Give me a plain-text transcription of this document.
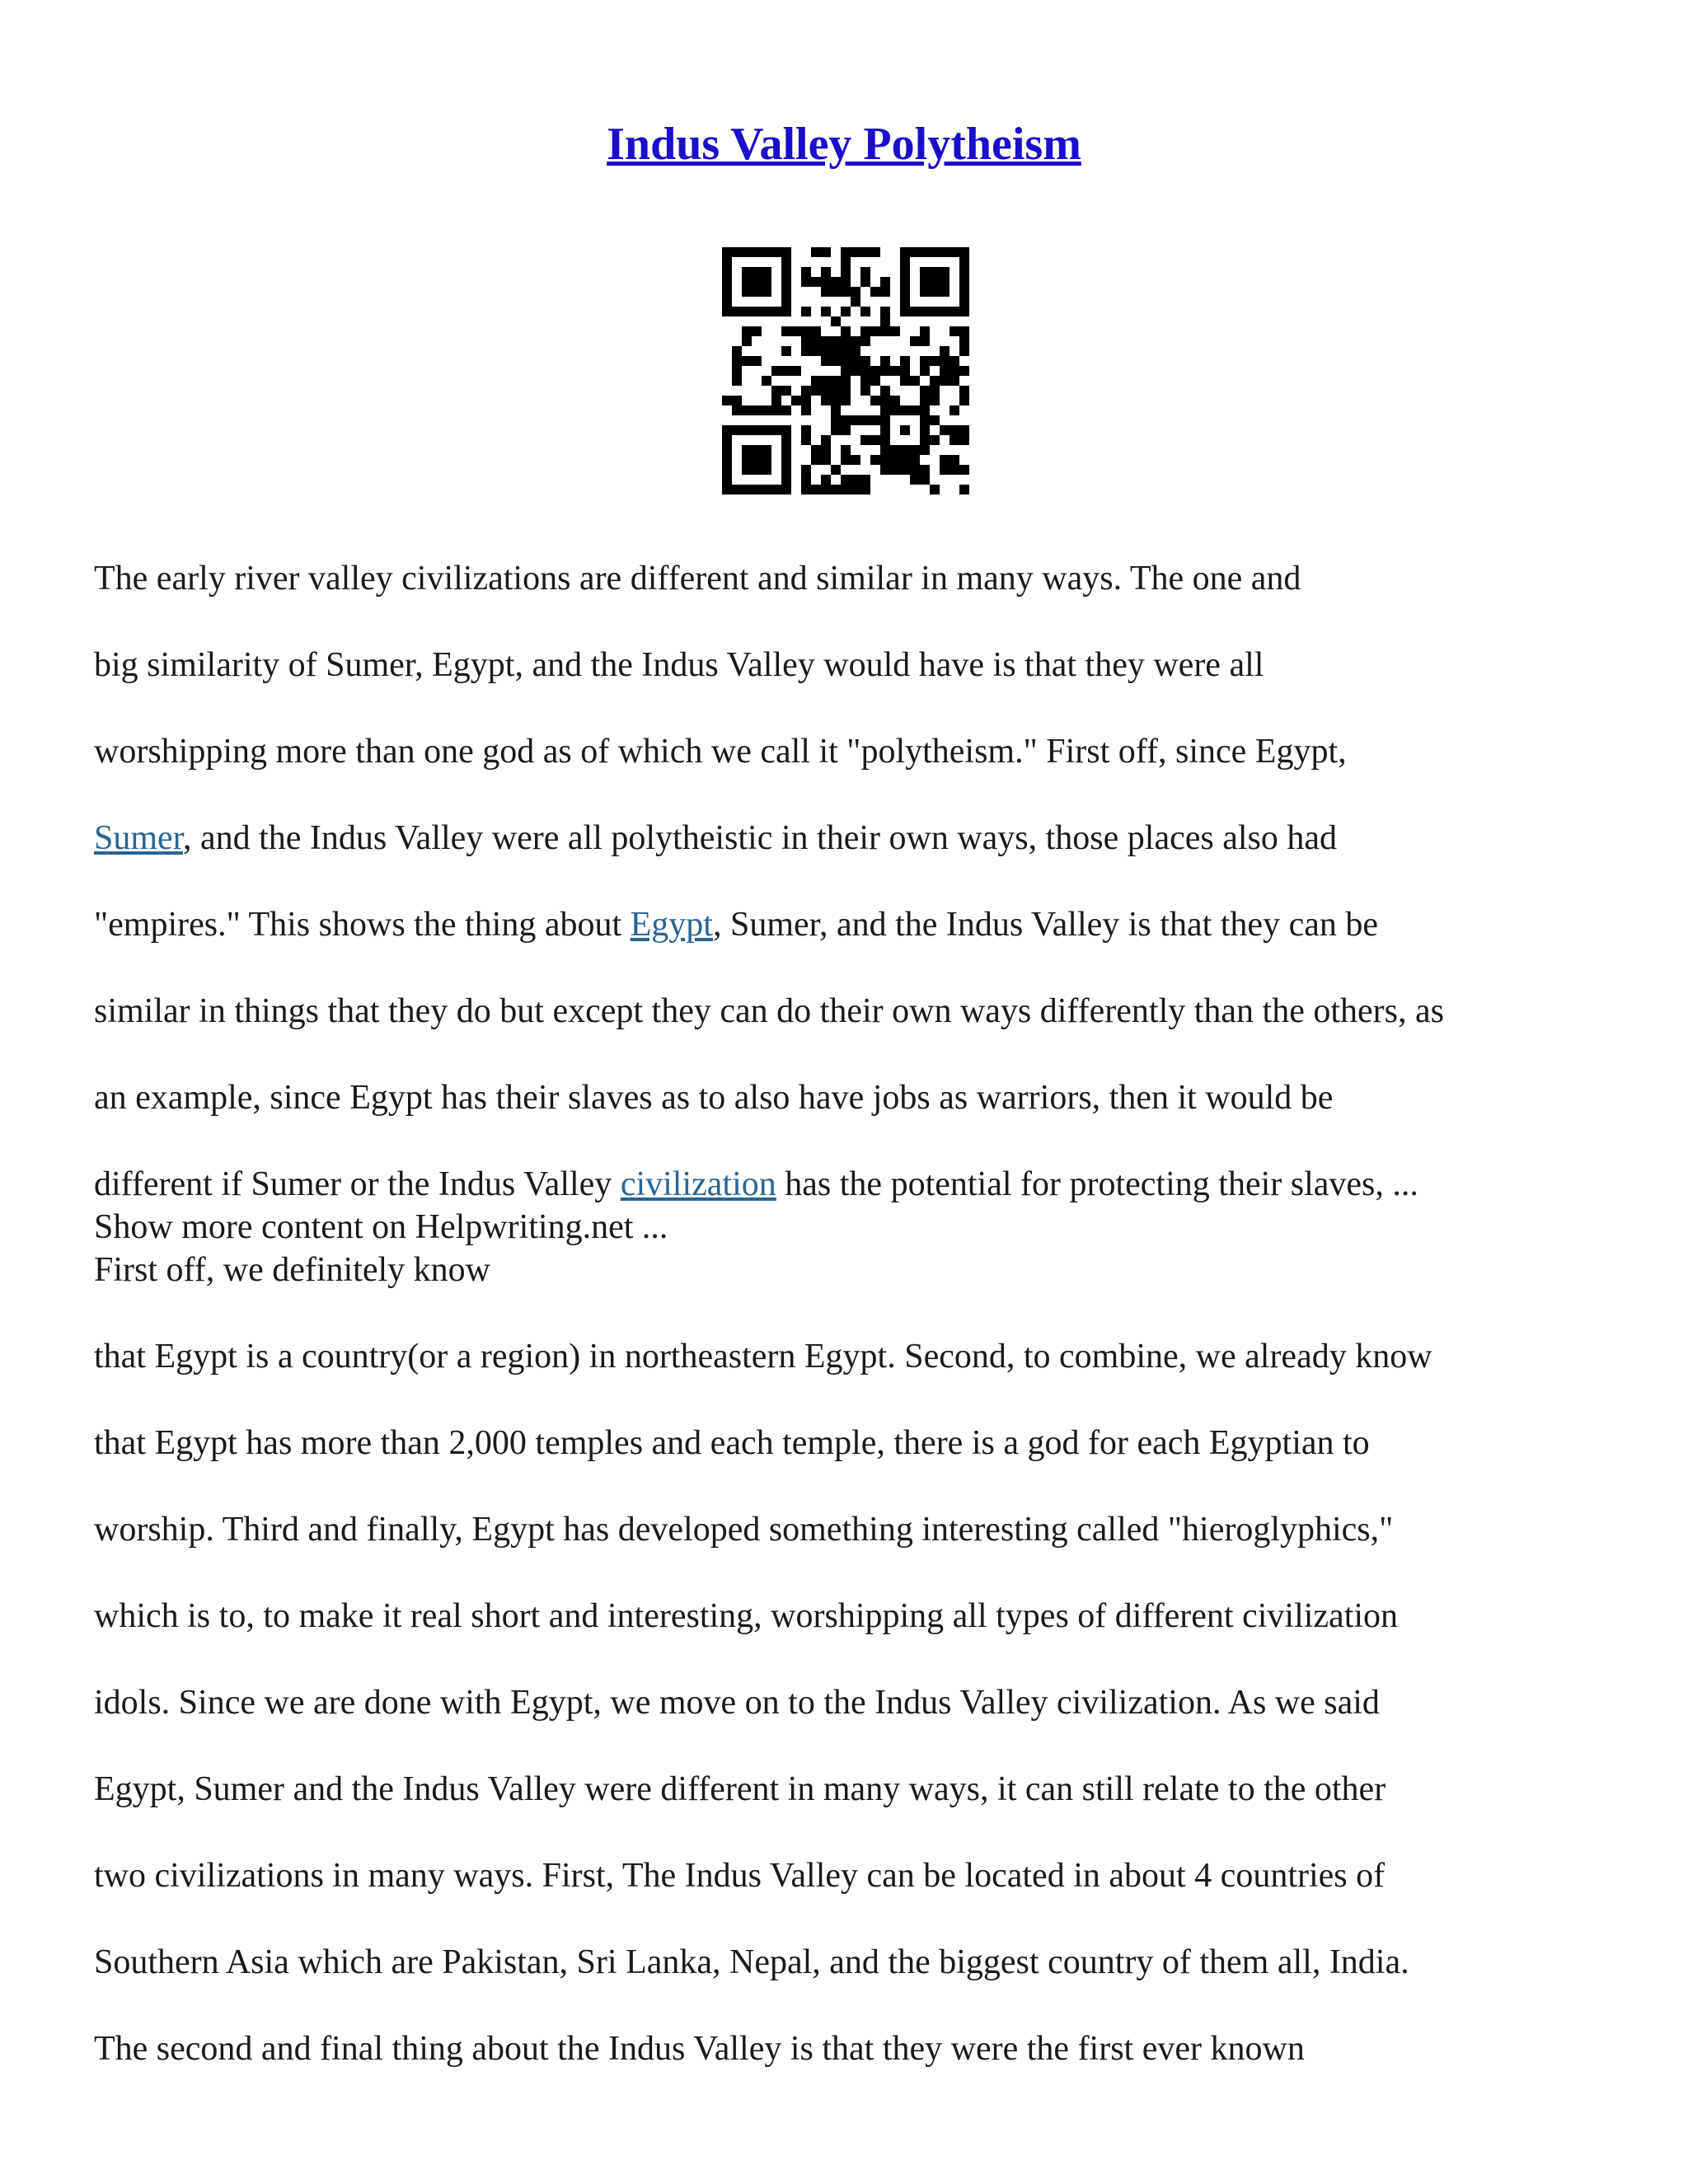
Indus Valley Polytheism
The early river valley civilizations are different and similar in many ways. The one and
big similarity of Sumer, Egypt, and the Indus Valley would have is that they were all
worshipping more than one god as of which we call it "polytheism." First off, since Egypt,
Sumer, and the Indus Valley were all polytheistic in their own ways, those places also had
"empires." This shows the thing about Egypt, Sumer, and the Indus Valley is that they can be
similar in things that they do but except they can do their own ways differently than the others, as
an example, since Egypt has their slaves as to also have jobs as warriors, then it would be
different if Sumer or the Indus Valley civilization has the potential for protecting their slaves, ...
Show more content on Helpwriting.net ...
First off, we definitely know
that Egypt is a country(or a region) in northeastern Egypt. Second, to combine, we already know
that Egypt has more than 2,000 temples and each temple, there is a god for each Egyptian to
worship. Third and finally, Egypt has developed something interesting called "hieroglyphics,"
which is to, to make it real short and interesting, worshipping all types of different civilization
idols. Since we are done with Egypt, we move on to the Indus Valley civilization. As we said
Egypt, Sumer and the Indus Valley were different in many ways, it can still relate to the other
two civilizations in many ways. First, The Indus Valley can be located in about 4 countries of
Southern Asia which are Pakistan, Sri Lanka, Nepal, and the biggest country of them all, India.
The second and final thing about the Indus Valley is that they were the first ever known
